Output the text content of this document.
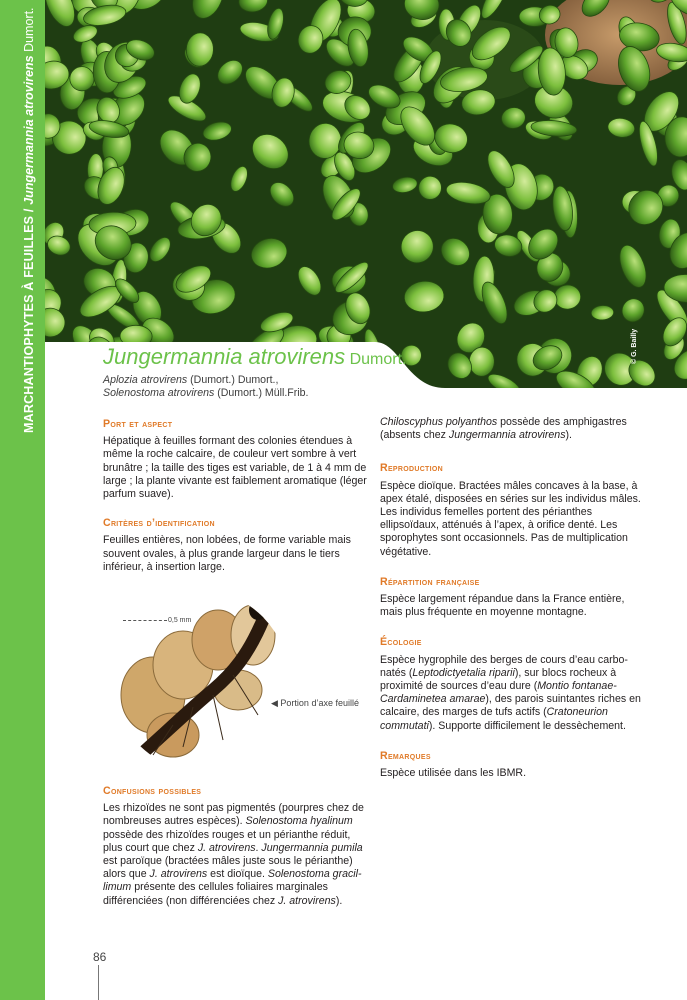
MARCHANTIOPHYTES À FEUILLES / Jungermannia atrovirens Dumort.
© G. Bailly
Jungermannia atrovirens Dumort.
Aplozia atrovirens (Dumort.) Dumort.,
Solenostoma atrovirens (Dumort.) Müll.Frib.
Port et aspect

Hépatique à feuilles formant des colonies étendues à même la roche calcaire, de couleur vert sombre à vert brunâtre ; la taille des tiges est variable, de 1 à 4 mm de large ; la plante vivante est faiblement aromatique (léger parfum suave).

Critères d’identification

Feuilles entières, non lobées, de forme variable mais souvent ovales, à plus grande largeur dans le tiers inférieur, à insertion large.

0,5 mm
◀ Portion d’axe feuillé
Confusions possibles

Les rhizoïdes ne sont pas pigmentés (pourpres chez de nombreuses autres espèces). Solenostoma hyalinum possède des rhizoïdes rouges et un périanthe réduit, plus court que chez J. atrovirens. Jungermannia pumila est paroïque (bractées mâles juste sous le périanthe) alors que J. atrovirens est dioïque. Solenostoma gracillimum présente des cellules foliaires marginales différenciées (non différenciées chez J. atrovirens).

Chiloscyphus polyanthos possède des amphigastres (absents chez Jungermannia atrovirens).

Reproduction

Espèce dioïque. Bractées mâles concaves à la base, à apex étalé, disposées en séries sur les individus mâles. Les individus femelles portent des périanthes ellipsoïdaux, atténués à l’apex, à orifice denté. Les sporophytes sont occasionnels. Pas de multiplication végétative.

Répartition française

Espèce largement répandue dans la France entière, mais plus fréquente en moyenne montagne.

Écologie

Espèce hygrophile des berges de cours d’eau carbonatés (Leptodictyetalia riparii), sur blocs rocheux à proximité de sources d’eau dure (Montio fontanae-Cardaminetea amarae), des parois suintantes riches en calcaire, des marges de tufs actifs (Cratoneurion commutati). Supporte difficilement le dessèchement.

Remarques

Espèce utilisée dans les IBMR.

86
